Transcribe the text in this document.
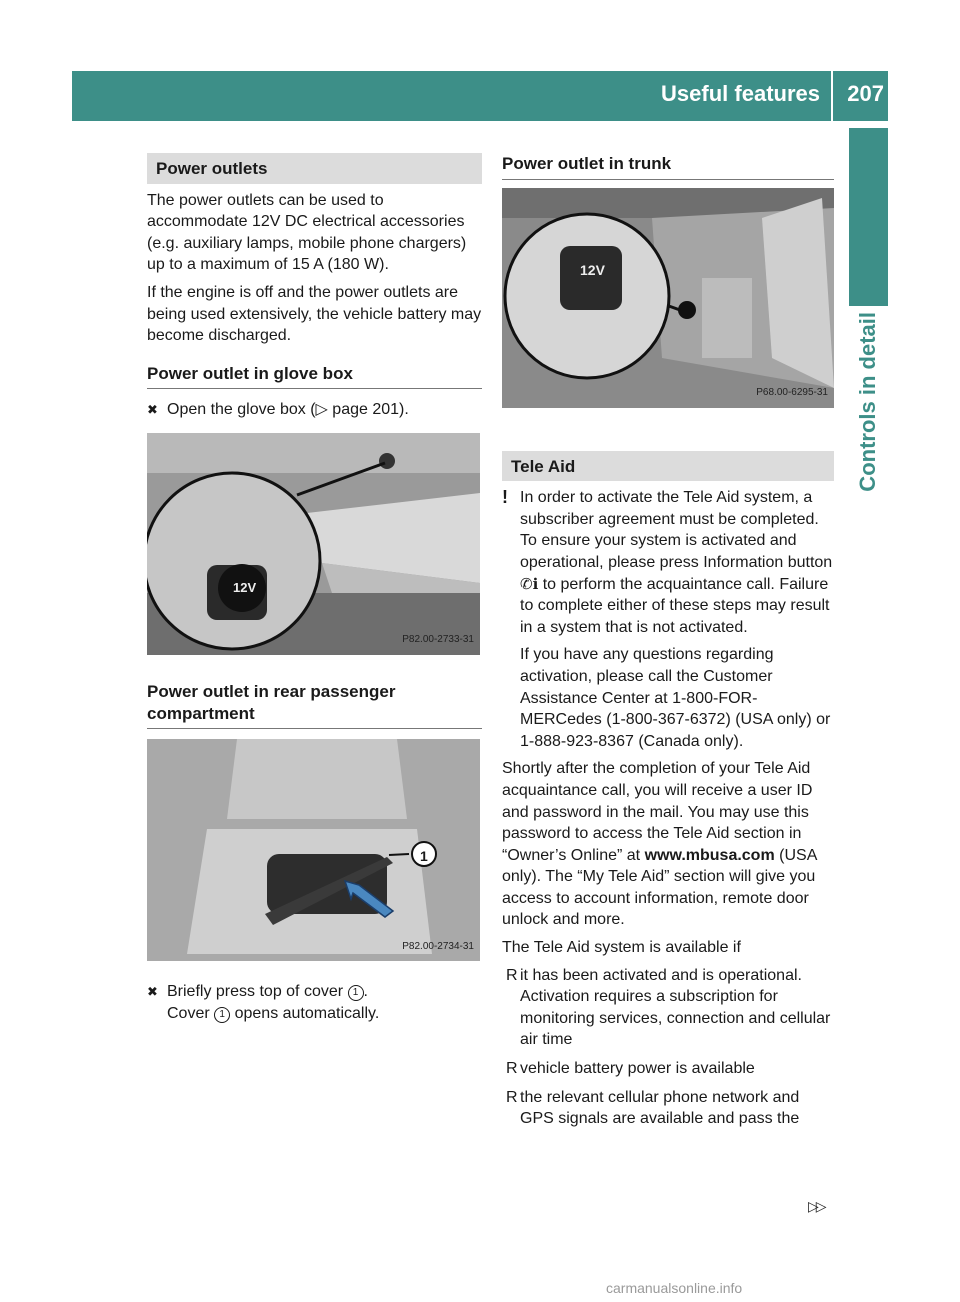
Useful features 207
Controls in detail
Power outlets

The power outlets can be used to accommodate 12V DC electrical accessories (e.g. auxiliary lamps, mobile phone chargers) up to a maximum of 15 A (180 W).

If the engine is off and the power outlets are being used extensively, the vehicle battery may become discharged.

Power outlet in glove box
✖ Open the glove box (▷ page 201).
12V
P82.00-2733-31
Power outlet in rear passenger compartment
1
P82.00-2734-31
✖ Briefly press top of cover 1 .
Cover 1 opens automatically.
Power outlet in trunk
12V
P68.00-6295-31
Tele Aid
! In order to activate the Tele Aid system, a subscriber agreement must be completed. To ensure your system is activated and operational, please press Information button ✆ℹ to perform the acquaintance call. Failure to complete either of these steps may result in a system that is not activated.
If you have any questions regarding activation, please call the Customer Assistance Center at 1-800-FOR-MERCedes (1-800-367-6372) (USA only) or 1-888-923-8367 (Canada only).

Shortly after the completion of your Tele Aid acquaintance call, you will receive a user ID and password in the mail. You may use this password to access the Tele Aid section in “Owner’s Online” at www.mbusa.com (USA only). The “My Tele Aid” section will give you access to account information, remote door unlock and more.

The Tele Aid system is available if

R it has been activated and is operational. Activation requires a subscription for monitoring services, connection and cellular air time
R vehicle battery power is available
R the relevant cellular phone network and GPS signals are available and pass the
▷▷
carmanualsonline.info
